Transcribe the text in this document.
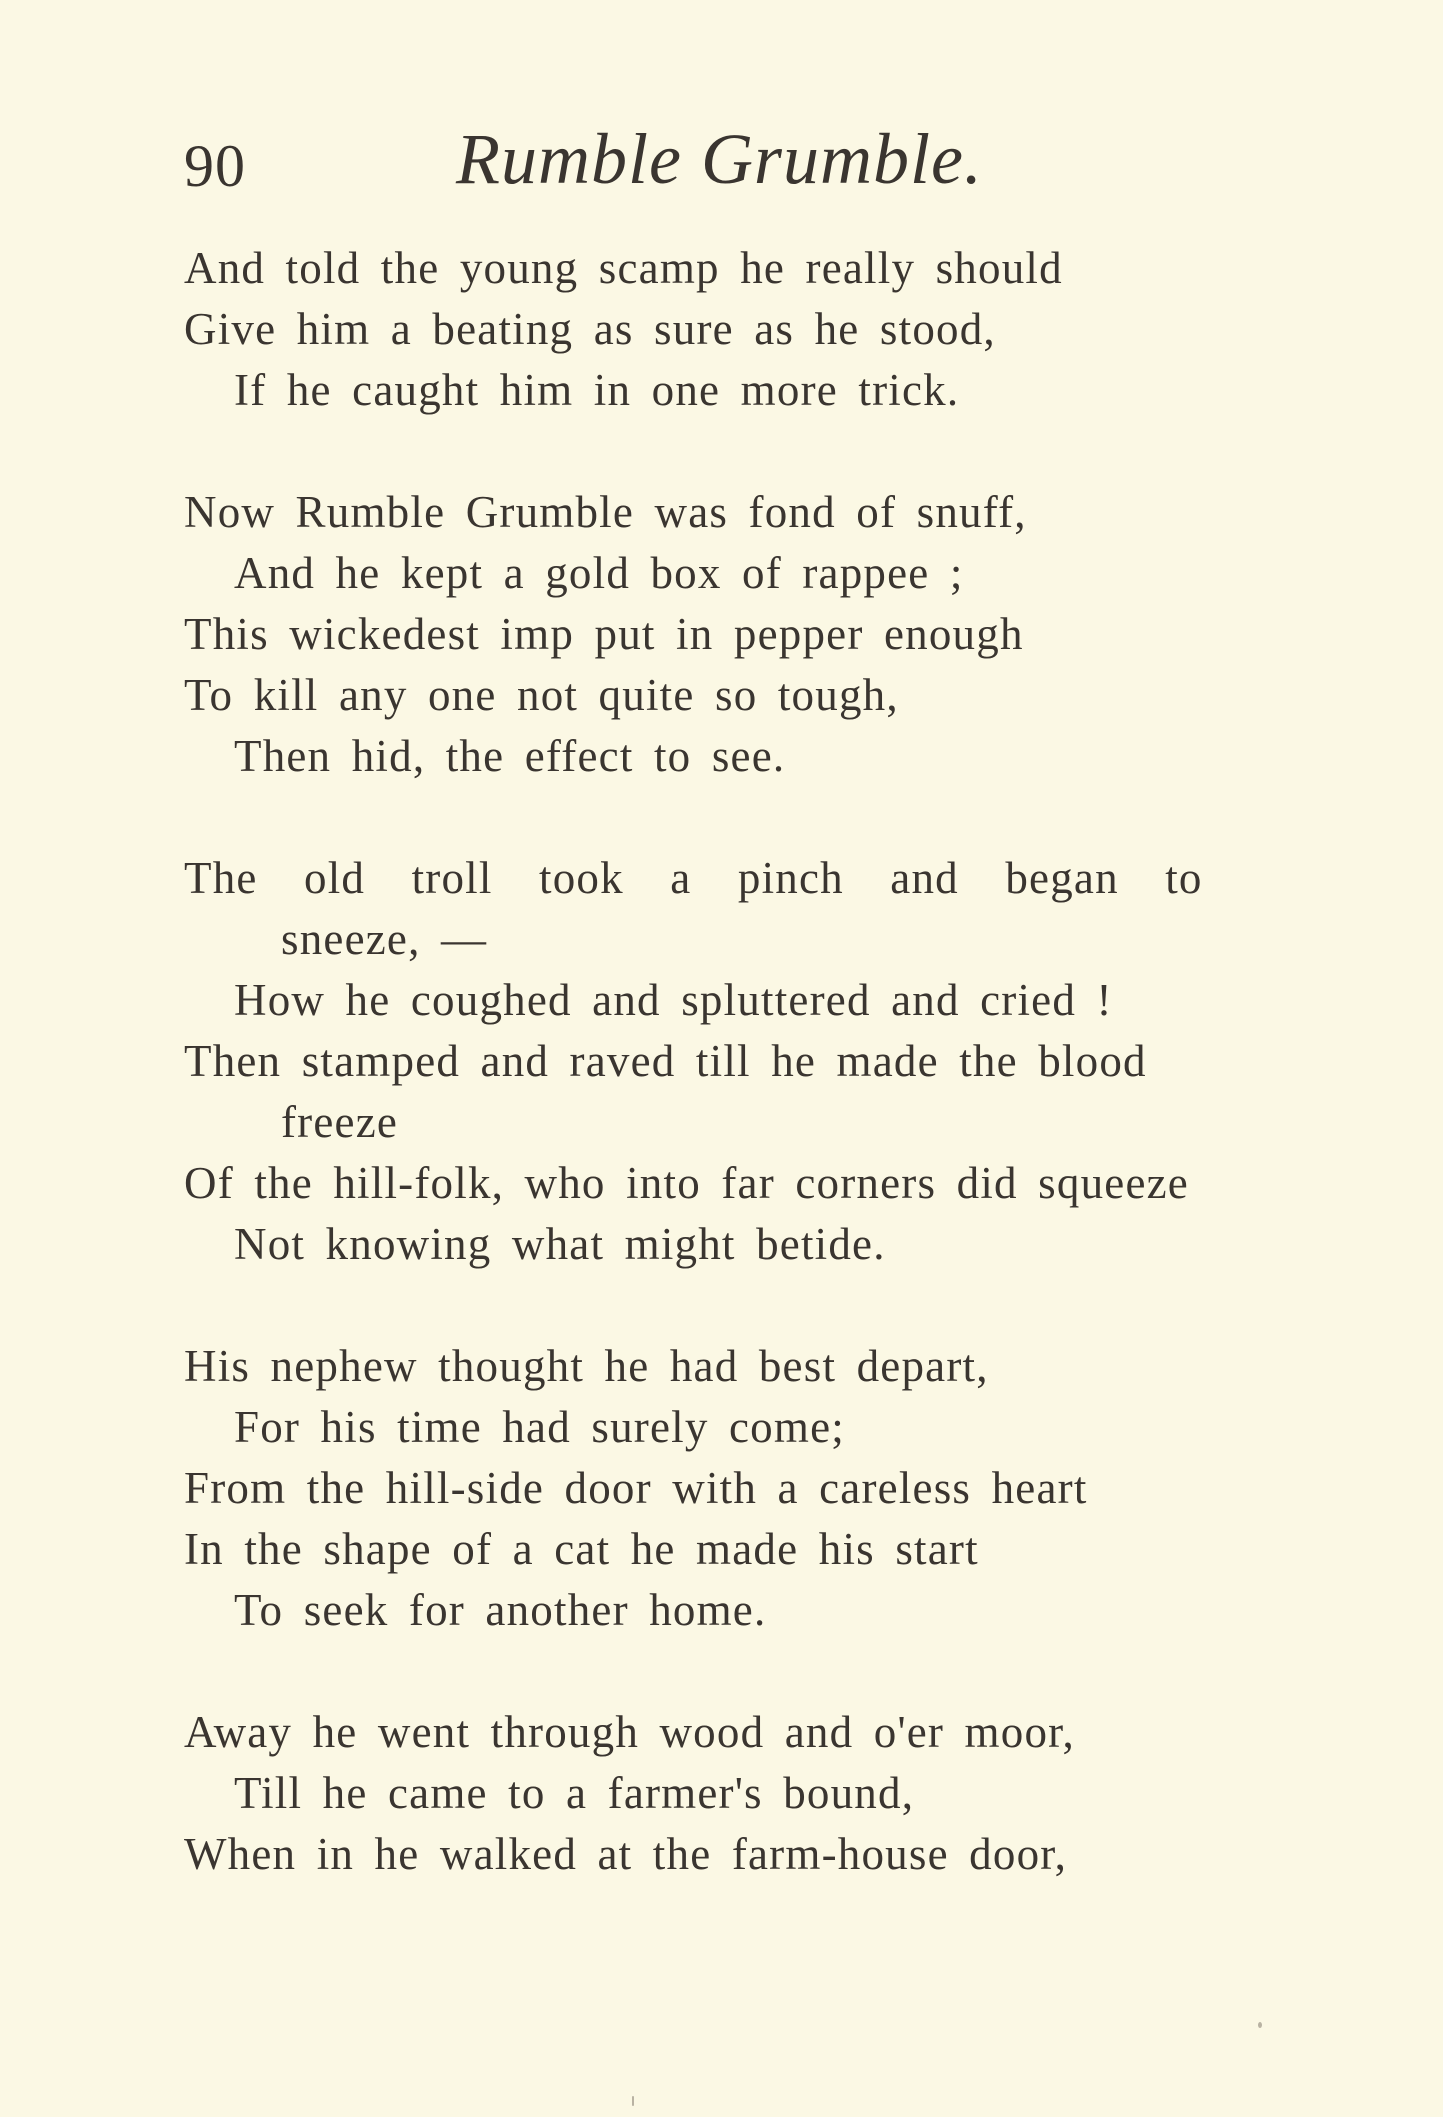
90	Rumble Grumble.
And told the young scamp he really should
Give him a beating as sure as he stood,
If he caught him in one more trick.
Now Rumble Grumble was fond of snuff,
And he kept a gold box of rappee ;
This wickedest imp put in pepper enough
To kill any one not quite so tough,
Then hid, the effect to see.
The old troll took a pinch and began to
sneeze, —
How he coughed and spluttered and cried !
Then stamped and raved till he made the blood
freeze
Of the hill-folk, who into far corners did squeeze
Not knowing what might betide.
His nephew thought he had best depart,
For his time had surely come;
From the hill-side door with a careless heart
In the shape of a cat he made his start
To seek for another home.
Away he went through wood and o'er moor,
Till he came to a farmer's bound,
When in he walked at the farm-house door,
